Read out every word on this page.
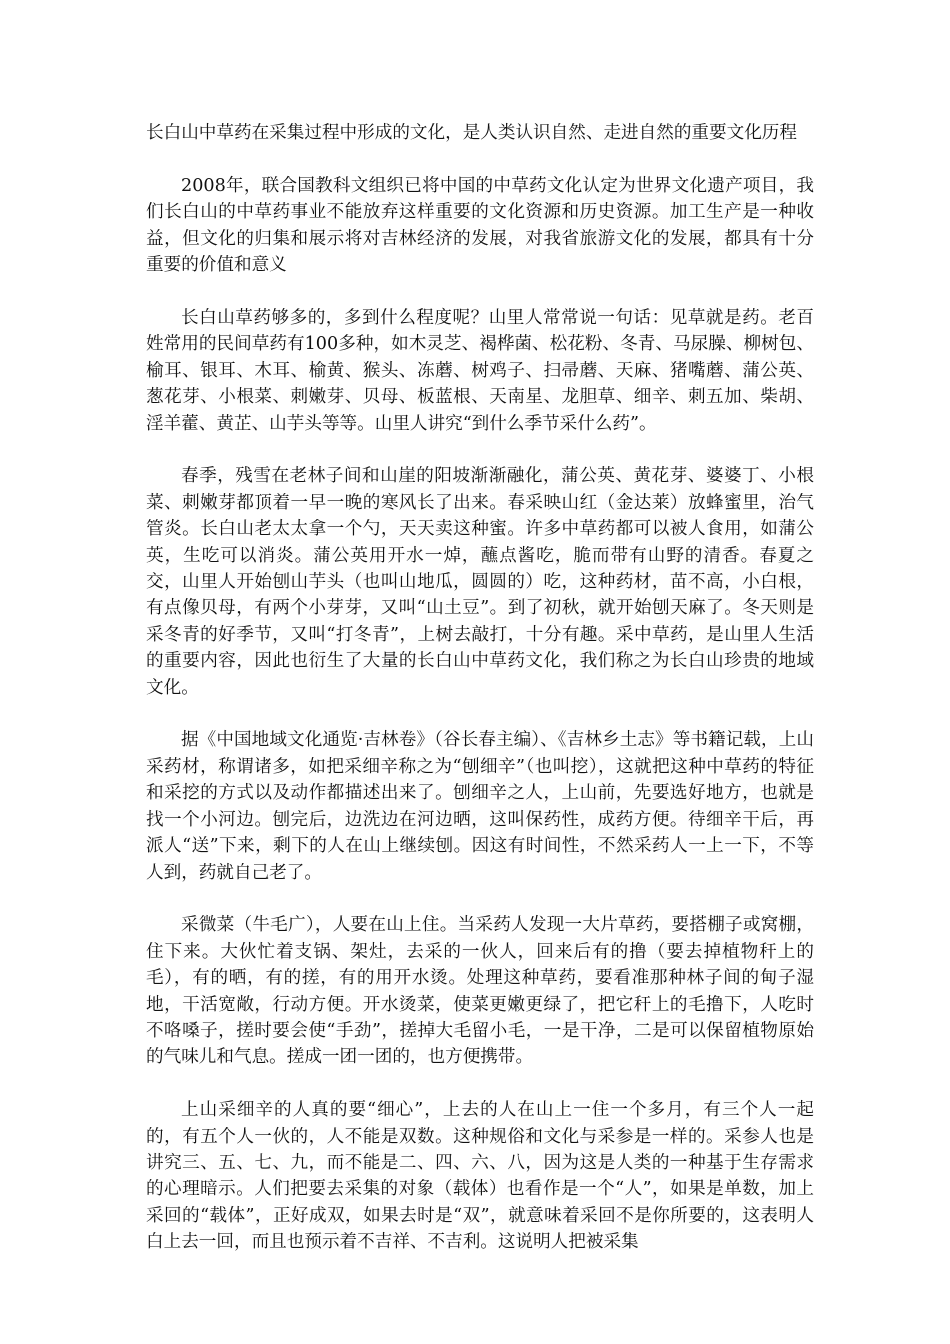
长白山中草药在采集过程中形成的文化，是人类认识自然、走进自然的重要文化历程

2008年，联合国教科文组织已将中国的中草药文化认定为世界文化遗产项目，我们长白山的中草药事业不能放弃这样重要的文化资源和历史资源。加工生产是一种收益，但文化的归集和展示将对吉林经济的发展，对我省旅游文化的发展，都具有十分重要的价值和意义

长白山草药够多的，多到什么程度呢？山里人常常说一句话：见草就是药。老百姓常用的民间草药有100多种，如木灵芝、褐桦菌、松花粉、冬青、马尿臊、柳树包、榆耳、银耳、木耳、榆黄、猴头、冻蘑、树鸡子、扫帚蘑、天麻、猪嘴蘑、蒲公英、葱花芽、小根菜、刺嫩芽、贝母、板蓝根、天南星、龙胆草、细辛、刺五加、柴胡、淫羊藿、黄芷、山芋头等等。山里人讲究“到什么季节采什么药”。

春季，残雪在老林子间和山崖的阳坡渐渐融化，蒲公英、黄花芽、婆婆丁、小根菜、刺嫩芽都顶着一早一晚的寒风长了出来。春采映山红（金达莱）放蜂蜜里，治气管炎。长白山老太太拿一个勺，天天卖这种蜜。许多中草药都可以被人食用，如蒲公英，生吃可以消炎。蒲公英用开水一焯，蘸点酱吃，脆而带有山野的清香。春夏之交，山里人开始刨山芋头（也叫山地瓜，圆圆的）吃，这种药材，苗不高，小白根，有点像贝母，有两个小芽芽，又叫“山土豆”。到了初秋，就开始刨天麻了。冬天则是采冬青的好季节，又叫“打冬青”，上树去敲打，十分有趣。采中草药，是山里人生活的重要内容，因此也衍生了大量的长白山中草药文化，我们称之为长白山珍贵的地域文化。

据《中国地域文化通览·吉林卷》（谷长春主编）、《吉林乡土志》等书籍记载，上山采药材，称谓诸多，如把采细辛称之为“刨细辛”（也叫挖），这就把这种中草药的特征和采挖的方式以及动作都描述出来了。刨细辛之人，上山前，先要选好地方，也就是找一个小河边。刨完后，边洗边在河边晒，这叫保药性，成药方便。待细辛干后，再派人“送”下来，剩下的人在山上继续刨。因这有时间性，不然采药人一上一下，不等人到，药就自己老了。

采微菜（牛毛广），人要在山上住。当采药人发现一大片草药，要搭棚子或窝棚，住下来。大伙忙着支锅、架灶，去采的一伙人，回来后有的撸（要去掉植物秆上的毛），有的晒，有的搓，有的用开水烫。处理这种草药，要看准那种林子间的甸子湿地，干活宽敞，行动方便。开水烫菜，使菜更嫩更绿了，把它秆上的毛撸下，人吃时不咯嗓子，搓时要会使“手劲”，搓掉大毛留小毛，一是干净，二是可以保留植物原始的气味儿和气息。搓成一团一团的，也方便携带。

上山采细辛的人真的要“细心”，上去的人在山上一住一个多月，有三个人一起的，有五个人一伙的，人不能是双数。这种规俗和文化与采参是一样的。采参人也是讲究三、五、七、九，而不能是二、四、六、八，因为这是人类的一种基于生存需求的心理暗示。人们把要去采集的对象（载体）也看作是一个“人”，如果是单数，加上采回的“载体”，正好成双，如果去时是“双”，就意味着采回不是你所要的，这表明人白上去一回，而且也预示着不吉祥、不吉利。这说明人把被采集
